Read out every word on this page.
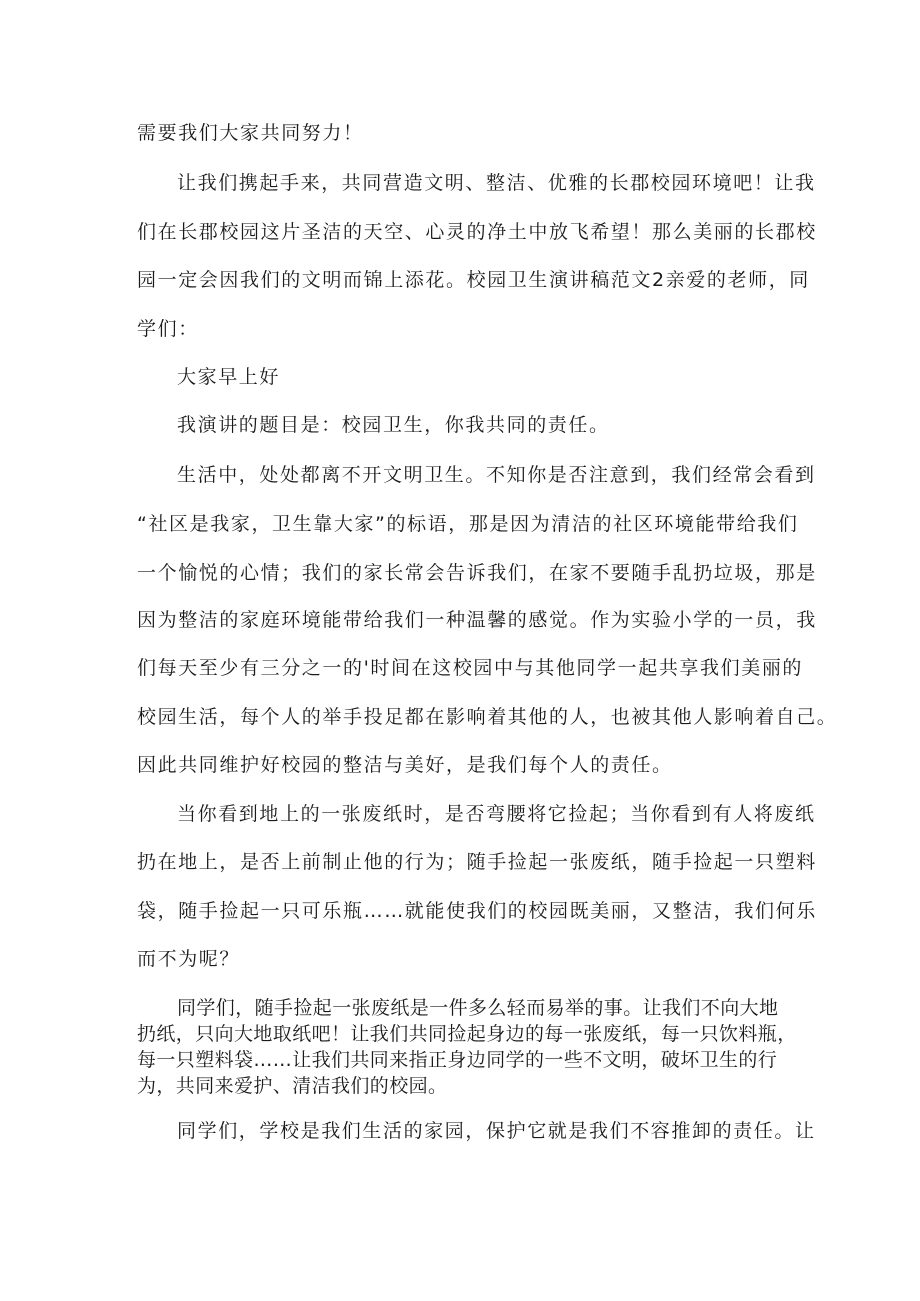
需要我们大家共同努力！
让我们携起手来，共同营造文明、整洁、优雅的长郡校园环境吧！让我
们在长郡校园这片圣洁的天空、心灵的净土中放飞希望！那么美丽的长郡校
园一定会因我们的文明而锦上添花。校园卫生演讲稿范文2亲爱的老师，同
学们：
大家早上好
我演讲的题目是：校园卫生，你我共同的责任。
生活中，处处都离不开文明卫生。不知你是否注意到，我们经常会看到
“社区是我家，卫生靠大家”的标语，那是因为清洁的社区环境能带给我们
一个愉悦的心情；我们的家长常会告诉我们，在家不要随手乱扔垃圾，那是
因为整洁的家庭环境能带给我们一种温馨的感觉。作为实验小学的一员，我
们每天至少有三分之一的'时间在这校园中与其他同学一起共享我们美丽的
校园生活，每个人的举手投足都在影响着其他的人，也被其他人影响着自己。
因此共同维护好校园的整洁与美好，是我们每个人的责任。
当你看到地上的一张废纸时，是否弯腰将它捡起；当你看到有人将废纸
扔在地上，是否上前制止他的行为；随手捡起一张废纸，随手捡起一只塑料
袋，随手捡起一只可乐瓶……就能使我们的校园既美丽，又整洁，我们何乐
而不为呢？
同学们，随手捡起一张废纸是一件多么轻而易举的事。让我们不向大地
扔纸，只向大地取纸吧！让我们共同捡起身边的每一张废纸，每一只饮料瓶，
每一只塑料袋……让我们共同来指正身边同学的一些不文明，破坏卫生的行
为，共同来爱护、清洁我们的校园。
同学们，学校是我们生活的家园，保护它就是我们不容推卸的责任。让
